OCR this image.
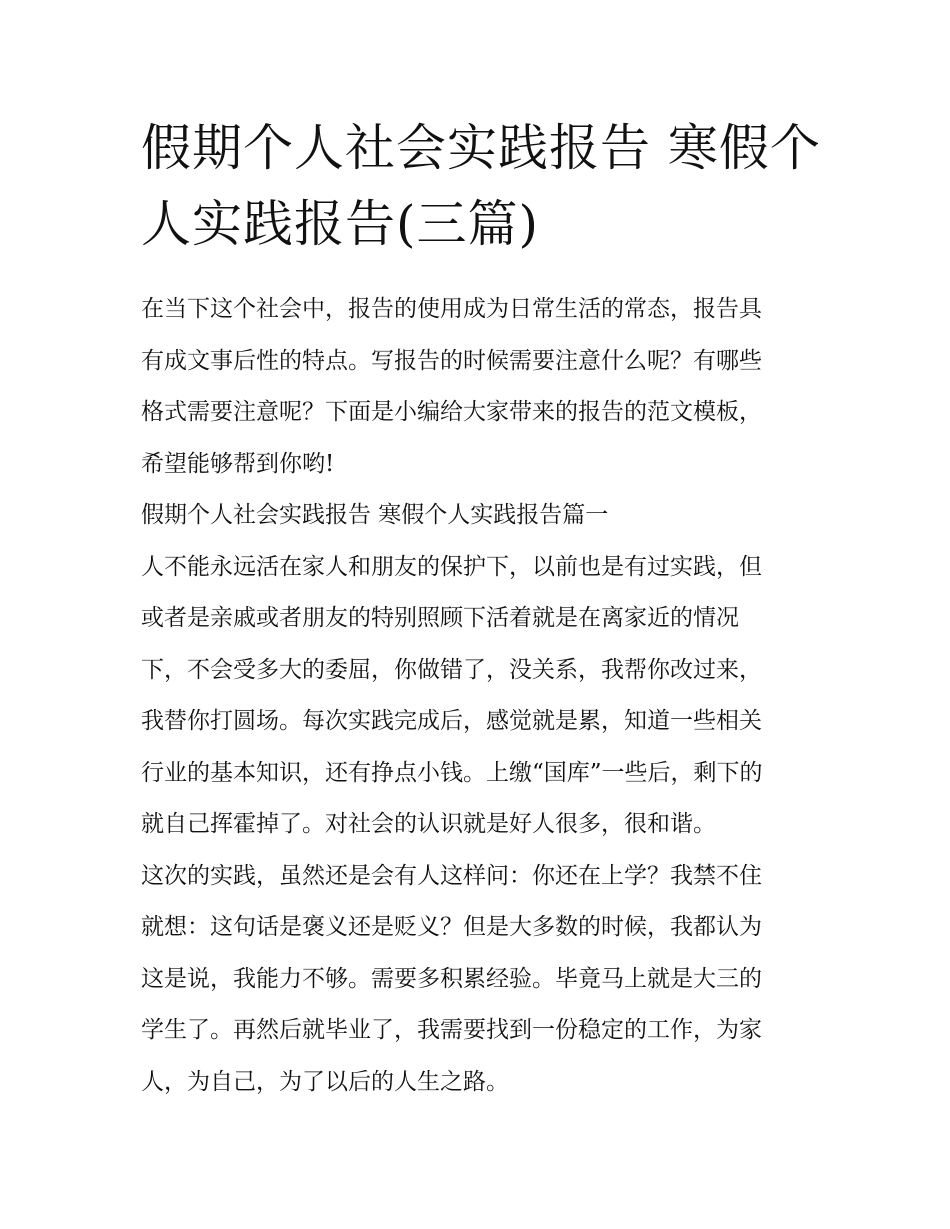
假期个人社会实践报告 寒假个
人实践报告(三篇)

在当下这个社会中，报告的使用成为日常生活的常态，报告具
有成文事后性的特点。写报告的时候需要注意什么呢？有哪些
格式需要注意呢？下面是小编给大家带来的报告的范文模板，
希望能够帮到你哟!

假期个人社会实践报告 寒假个人实践报告篇一

人不能永远活在家人和朋友的保护下，以前也是有过实践，但
或者是亲戚或者朋友的特别照顾下活着就是在离家近的情况
下，不会受多大的委屈，你做错了，没关系，我帮你改过来，
我替你打圆场。每次实践完成后，感觉就是累，知道一些相关
行业的基本知识，还有挣点小钱。上缴“国库”一些后，剩下的
就自己挥霍掉了。对社会的认识就是好人很多，很和谐。

这次的实践，虽然还是会有人这样问：你还在上学？我禁不住
就想：这句话是褒义还是贬义？但是大多数的时候，我都认为
这是说，我能力不够。需要多积累经验。毕竟马上就是大三的
学生了。再然后就毕业了，我需要找到一份稳定的工作，为家
人，为自己，为了以后的人生之路。
